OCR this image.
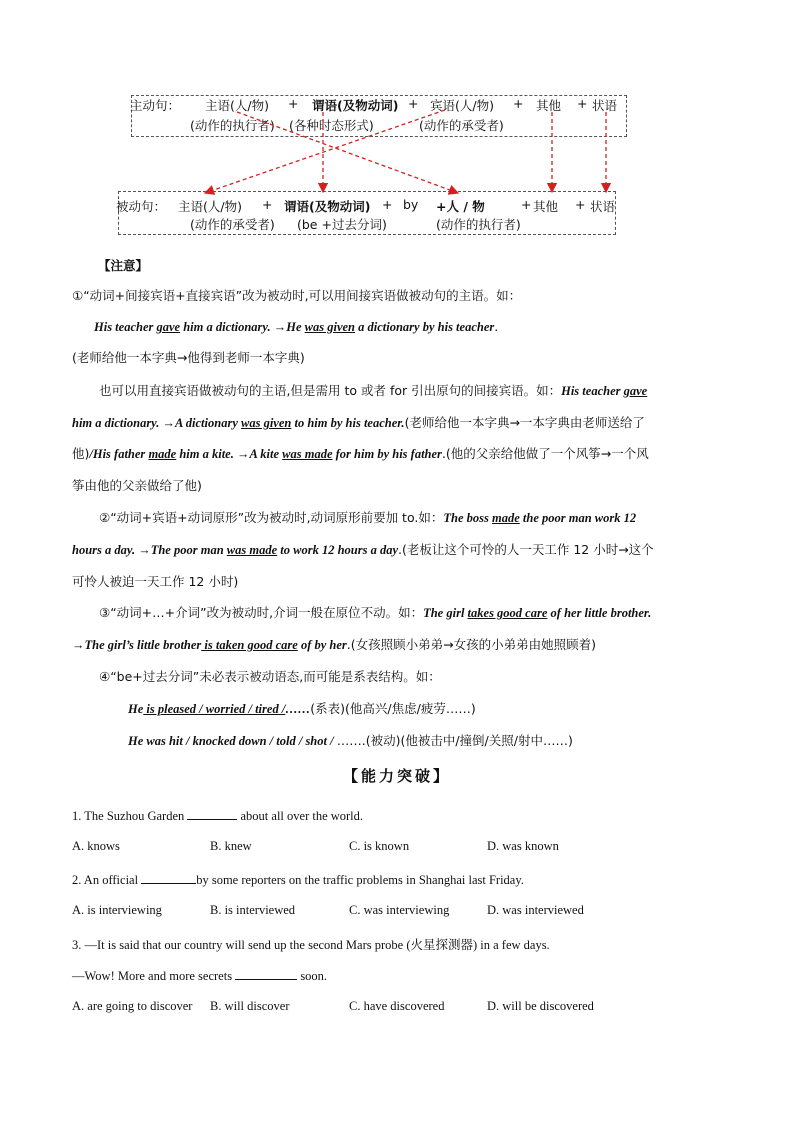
主动句： 主语(人/物) + 谓语(及物动词) + 宾语(人/物) + 其他 + 状语
(动作的执行者) (各种时态形式)	(动作的承受者)
被动句： 主语(人/物) + 谓语(及物动词) + by +人 / 物	+ 其他 + 状语
(动作的承受者) (be +过去分词)	(动作的执行者)
【注意】
①“动词+间接宾语+直接宾语”改为被动时,可以用间接宾语做被动句的主语。如：
His teacher gave him a dictionary. →He was given a dictionary by his teacher.
(老师给他一本字典→他得到老师一本字典)
也可以用直接宾语做被动句的主语,但是需用 to 或者 for 引出原句的间接宾语。如：His teacher gave
him a dictionary. →A dictionary was given to him by his teacher.(老师给他一本字典→一本字典由老师送给了
他)/His father made him a kite. →A kite was made for him by his father.(他的父亲给他做了一个风筝→一个风
筝由他的父亲做给了他)
②“动词+宾语+动词原形”改为被动时,动词原形前要加 to.如：The boss made the poor man work 12
hours a day. →The poor man was made to work 12 hours a day.(老板让这个可怜的人一天工作 12 小时→这个
可怜人被迫一天工作 12 小时)
③“动词+…+介词”改为被动时,介词一般在原位不动。如：The girl takes good care of her little brother.
→The girl’s little brother is taken good care of by her.(女孩照顾小弟弟→女孩的小弟弟由她照顾着)
④“be+过去分词”未必表示被动语态,而可能是系表结构。如：
He is pleased / worried / tired /……(系表)(他高兴/焦虑/疲劳……)
He was hit / knocked down / told / shot / …….(被动)(他被击中/撞倒/关照/射中……)
【能力突破】
1. The Suzhou Garden	about all over the world.
A. knows	B. knew	C. is known	D. was known
2. An official	by some reporters on the traffic problems in Shanghai last Friday.
A. is interviewing	B. is interviewed	C. was interviewing	D. was interviewed
3. —It is said that our country will send up the second Mars probe (火星探测器) in a few days.
—Wow! More and more secrets	soon.
A. are going to discover B. will discover	C. have discovered	D. will be discovered
